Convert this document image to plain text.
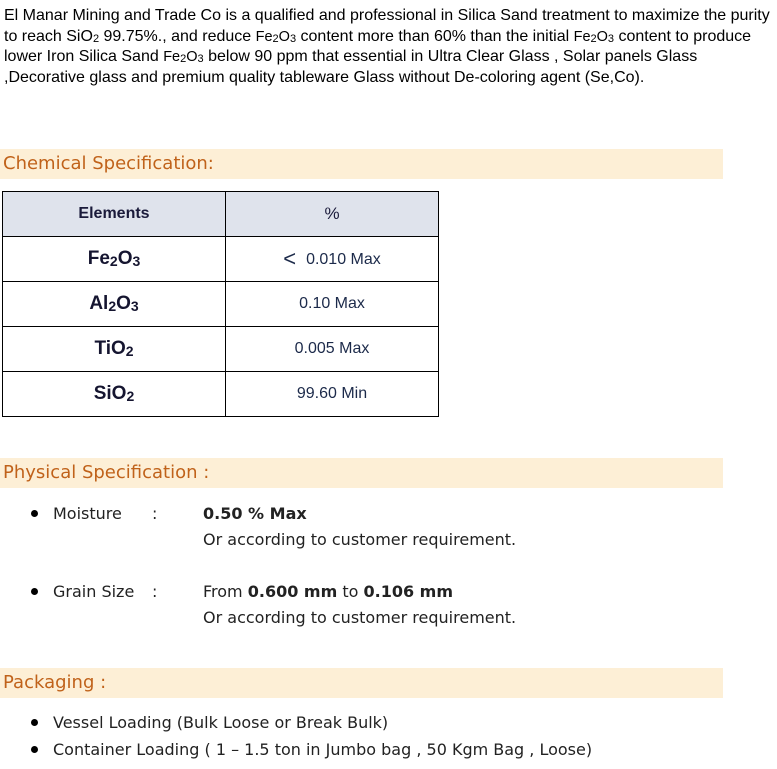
El Manar Mining and Trade Co is a qualified and professional in Silica Sand treatment to maximize the purity to reach SiO$_2$ 99.75%., and reduce $Fe_2O_3$ content more than 60% than the initial $Fe_2O_3$ content to produce lower Iron Silica Sand $Fe_2O_3$ below 90 ppm that essential in Ultra Clear Glass , Solar panels Glass ,Decorative glass and premium quality tableware Glass without De-coloring agent (Se,Co).
Chemical Specification:
Elements	%
$Fe_2O_3$	< 0.010 Max
$Al_2O_3$	0.10 Max
TiO$_2$	0.005 Max
SiO$_2$	99.60 Min
Physical Specification :
Moisture :	0.50 % Max
Or according to customer requirement.
Grain Size :	From 0.600 mm to 0.106 mm
Or according to customer requirement.
Packaging :
Vessel Loading (Bulk Loose or Break Bulk)
Container Loading ( 1 – 1.5 ton in Jumbo bag , 50 Kgm Bag , Loose)
